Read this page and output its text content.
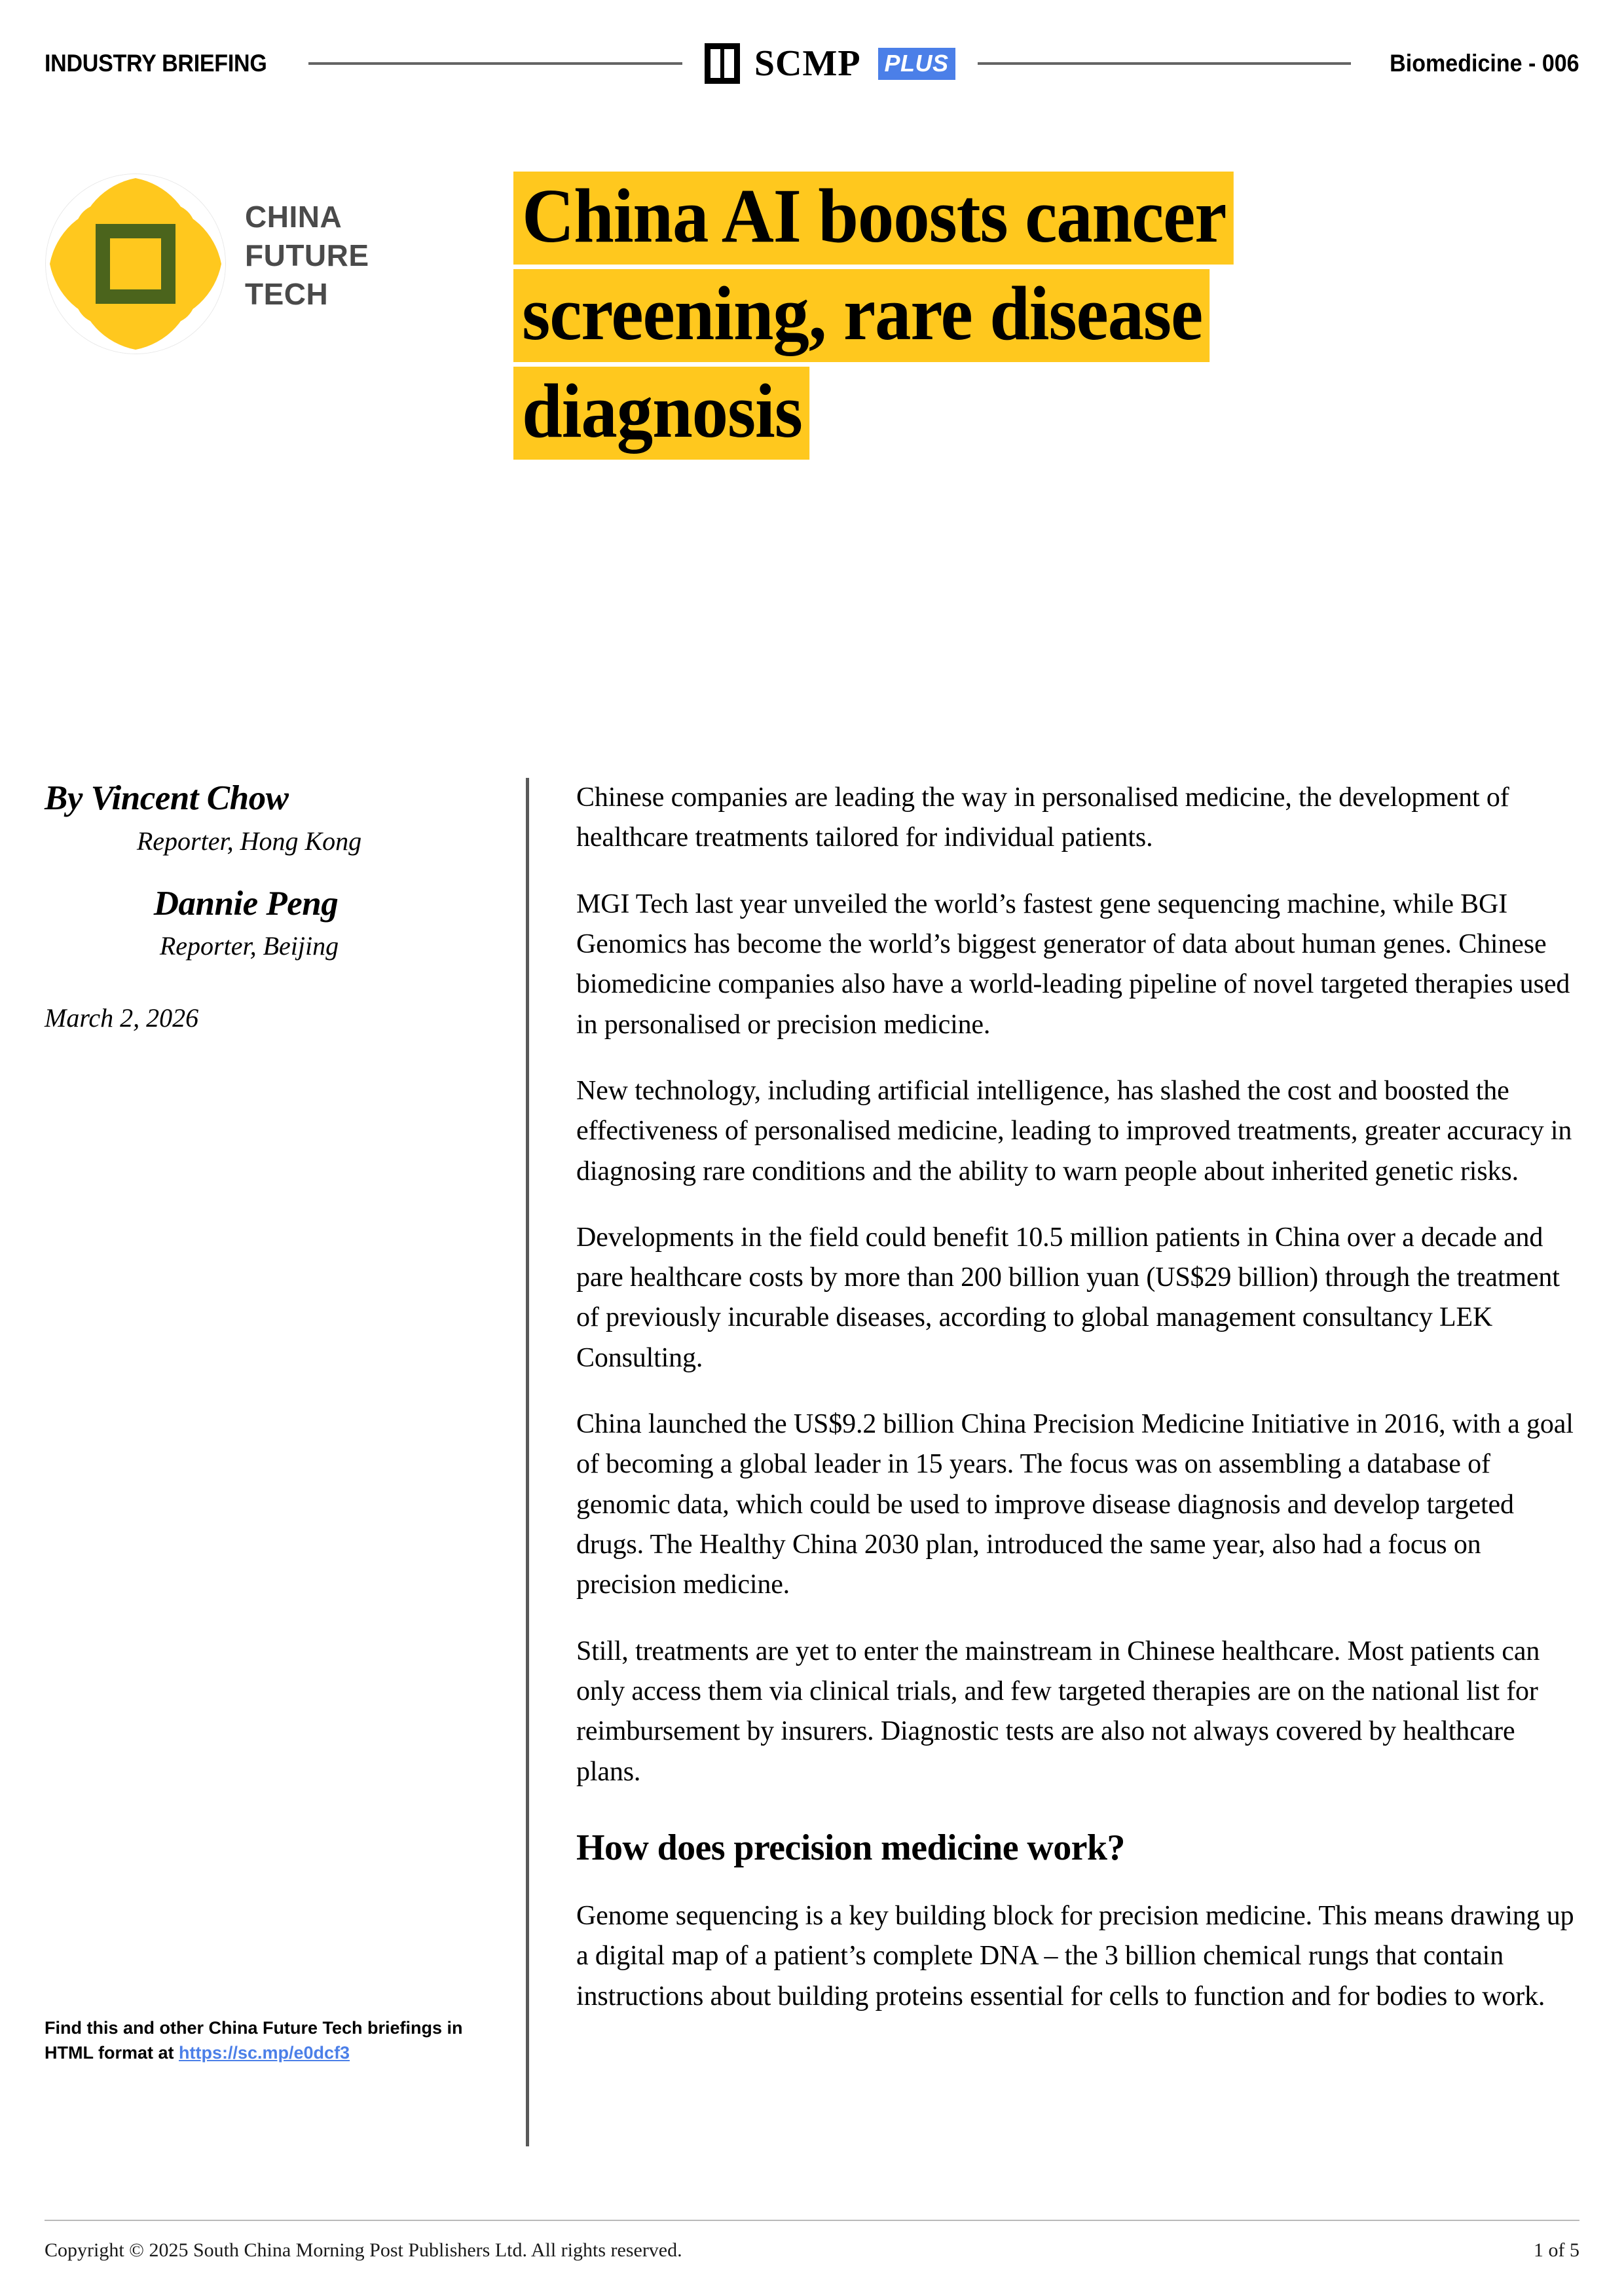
INDUSTRY BRIEFING	SCMP PLUS	Biomedicine - 006
CHINA
FUTURE
TECH
China AI boosts cancer
screening, rare disease
diagnosis
By Vincent Chow
Reporter, Hong Kong
Dannie Peng
Reporter, Beijing
March 2, 2026
Find this and other China Future Tech briefings in HTML format at https://sc.mp/e0dcf3

Chinese companies are leading the way in personalised medicine, the development of healthcare treatments tailored for individual patients.

MGI Tech last year unveiled the world’s fastest gene sequencing machine, while BGI Genomics has become the world’s biggest generator of data about human genes. Chinese biomedicine companies also have a world-leading pipeline of novel targeted therapies used in personalised or precision medicine.

New technology, including artificial intelligence, has slashed the cost and boosted the effectiveness of personalised medicine, leading to improved treatments, greater accuracy in diagnosing rare conditions and the ability to warn people about inherited genetic risks.

Developments in the field could benefit 10.5 million patients in China over a decade and pare healthcare costs by more than 200 billion yuan (US$29 billion) through the treatment of previously incurable diseases, according to global management consultancy LEK Consulting.

China launched the US$9.2 billion China Precision Medicine Initiative in 2016, with a goal of becoming a global leader in 15 years. The focus was on assembling a database of genomic data, which could be used to improve disease diagnosis and develop targeted drugs. The Healthy China 2030 plan, introduced the same year, also had a focus on precision medicine.

Still, treatments are yet to enter the mainstream in Chinese healthcare. Most patients can only access them via clinical trials, and few targeted therapies are on the national list for reimbursement by insurers. Diagnostic tests are also not always covered by healthcare plans.

How does precision medicine work?

Genome sequencing is a key building block for precision medicine. This means drawing up a digital map of a patient’s complete DNA – the 3 billion chemical rungs that contain instructions about building proteins essential for cells to function and for bodies to work.

Copyright © 2025 South China Morning Post Publishers Ltd. All rights reserved.	1 of 5
